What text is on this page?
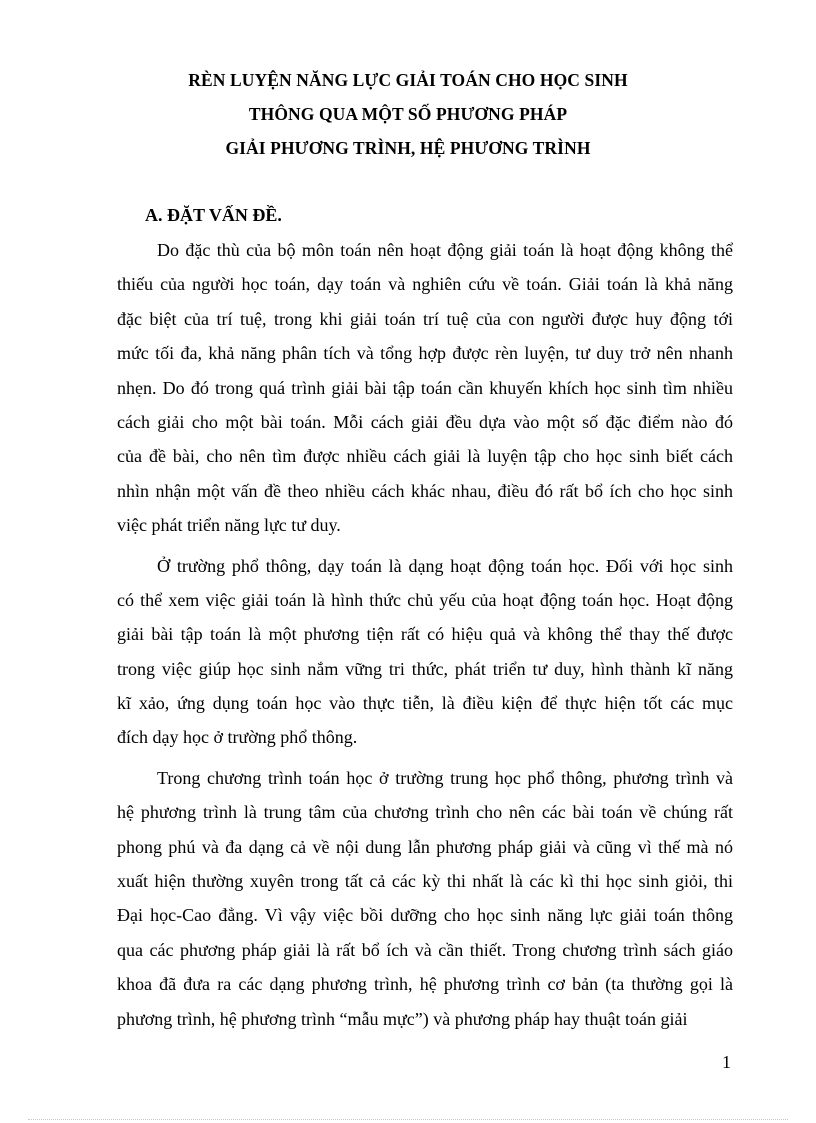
RÈN LUYỆN NĂNG LỰC GIẢI TOÁN CHO HỌC SINH
THÔNG QUA MỘT SỐ PHƯƠNG PHÁP
GIẢI PHƯƠNG TRÌNH, HỆ PHƯƠNG TRÌNH
A. ĐẶT VẤN ĐỀ.
Do đặc thù của bộ môn toán nên hoạt động giải toán là hoạt động không thể
thiếu của người học toán, dạy toán và nghiên cứu về toán. Giải toán là khả năng
đặc biệt của trí tuệ, trong khi giải toán trí tuệ của con người được huy động tới
mức tối đa, khả năng phân tích và tổng hợp được rèn luyện, tư duy trở nên nhanh
nhẹn. Do đó trong quá trình giải bài tập toán cần khuyến khích học sinh tìm nhiều
cách giải cho một bài toán. Mỗi cách giải đều dựa vào một số đặc điểm nào đó
của đề bài, cho nên tìm được nhiều cách giải là luyện tập cho học sinh biết cách
nhìn nhận một vấn đề theo nhiều cách khác nhau, điều đó rất bổ ích cho học sinh
việc phát triển năng lực tư duy.
Ở trường phổ thông, dạy toán là dạng hoạt động toán học. Đối với học sinh
có thể xem việc giải toán là hình thức chủ yếu của hoạt động toán học. Hoạt động
giải bài tập toán là một phương tiện rất có hiệu quả và không thể thay thế được
trong việc giúp học sinh nắm vững tri thức, phát triển tư duy, hình thành kĩ năng
kĩ xảo, ứng dụng toán học vào thực tiễn, là điều kiện để thực hiện tốt các mục
đích dạy học ở trường phổ thông.
Trong chương trình toán học ở trường trung học phổ thông, phương trình và
hệ phương trình là trung tâm của chương trình cho nên các bài toán về chúng rất
phong phú và đa dạng cả về nội dung lẫn phương pháp giải và cũng vì thế mà nó
xuất hiện thường xuyên trong tất cả các kỳ thi nhất là các kì thi học sinh giỏi, thi
Đại học-Cao đẳng. Vì vậy việc bồi dưỡng cho học sinh năng lực giải toán thông
qua các phương pháp giải là rất bổ ích và cần thiết. Trong chương trình sách giáo
khoa đã đưa ra các dạng phương trình, hệ phương trình cơ bản (ta thường gọi là
phương trình, hệ phương trình “mẫu mực”) và phương pháp hay thuật toán giải
1
